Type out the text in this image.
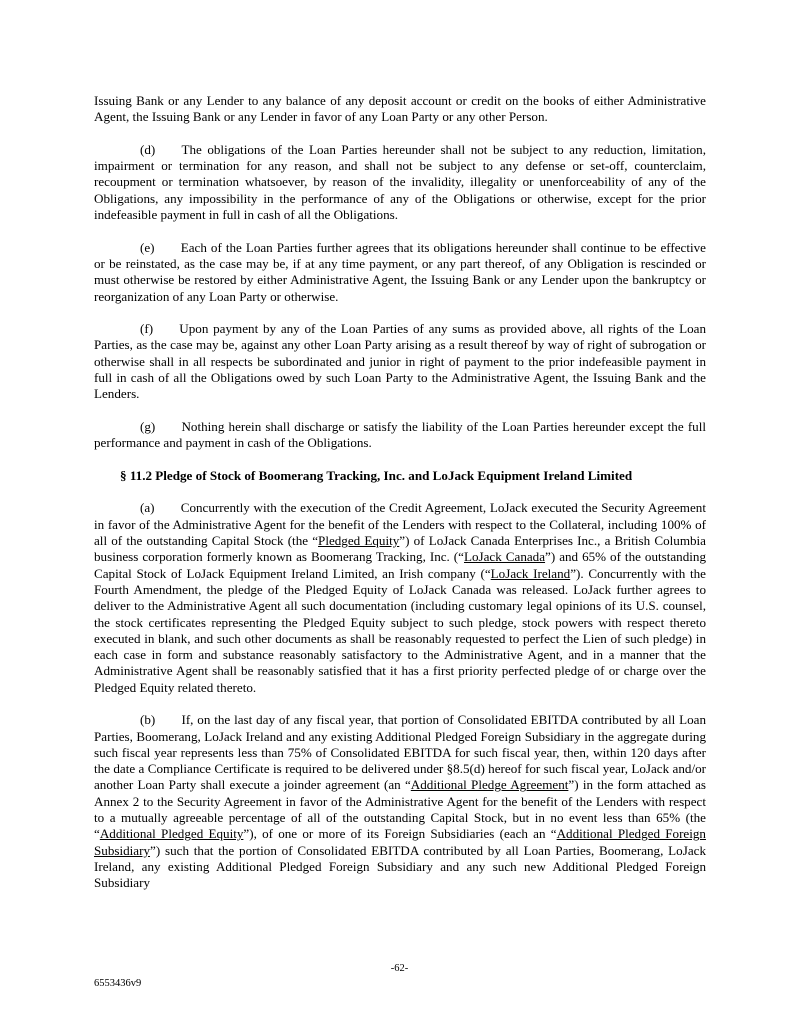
Issuing Bank or any Lender to any balance of any deposit account or credit on the books of either Administrative Agent, the Issuing Bank or any Lender in favor of any Loan Party or any other Person.

(d)  The obligations of the Loan Parties hereunder shall not be subject to any reduction, limitation, impairment or termination for any reason, and shall not be subject to any defense or set-off, counterclaim, recoupment or termination whatsoever, by reason of the invalidity, illegality or unenforceability of any of the Obligations, any impossibility in the performance of any of the Obligations or otherwise, except for the prior indefeasible payment in full in cash of all the Obligations.

(e)  Each of the Loan Parties further agrees that its obligations hereunder shall continue to be effective or be reinstated, as the case may be, if at any time payment, or any part thereof, of any Obligation is rescinded or must otherwise be restored by either Administrative Agent, the Issuing Bank or any Lender upon the bankruptcy or reorganization of any Loan Party or otherwise.

(f)  Upon payment by any of the Loan Parties of any sums as provided above, all rights of the Loan Parties, as the case may be, against any other Loan Party arising as a result thereof by way of right of subrogation or otherwise shall in all respects be subordinated and junior in right of payment to the prior indefeasible payment in full in cash of all the Obligations owed by such Loan Party to the Administrative Agent, the Issuing Bank and the Lenders.

(g)  Nothing herein shall discharge or satisfy the liability of the Loan Parties hereunder except the full performance and payment in cash of the Obligations.

§ 11.2 Pledge of Stock of Boomerang Tracking, Inc. and LoJack Equipment Ireland Limited

(a)  Concurrently with the execution of the Credit Agreement, LoJack executed the Security Agreement in favor of the Administrative Agent for the benefit of the Lenders with respect to the Collateral, including 100% of all of the outstanding Capital Stock (the “Pledged Equity”) of LoJack Canada Enterprises Inc., a British Columbia business corporation formerly known as Boomerang Tracking, Inc. (“LoJack Canada”) and 65% of the outstanding Capital Stock of LoJack Equipment Ireland Limited, an Irish company (“LoJack Ireland”). Concurrently with the Fourth Amendment, the pledge of the Pledged Equity of LoJack Canada was released. LoJack further agrees to deliver to the Administrative Agent all such documentation (including customary legal opinions of its U.S. counsel, the stock certificates representing the Pledged Equity subject to such pledge, stock powers with respect thereto executed in blank, and such other documents as shall be reasonably requested to perfect the Lien of such pledge) in each case in form and substance reasonably satisfactory to the Administrative Agent, and in a manner that the Administrative Agent shall be reasonably satisfied that it has a first priority perfected pledge of or charge over the Pledged Equity related thereto.

(b)  If, on the last day of any fiscal year, that portion of Consolidated EBITDA contributed by all Loan Parties, Boomerang, LoJack Ireland and any existing Additional Pledged Foreign Subsidiary in the aggregate during such fiscal year represents less than 75% of Consolidated EBITDA for such fiscal year, then, within 120 days after the date a Compliance Certificate is required to be delivered under §8.5(d) hereof for such fiscal year, LoJack and/or another Loan Party shall execute a joinder agreement (an “Additional Pledge Agreement”) in the form attached as Annex 2 to the Security Agreement in favor of the Administrative Agent for the benefit of the Lenders with respect to a mutually agreeable percentage of all of the outstanding Capital Stock, but in no event less than 65% (the “Additional Pledged Equity”), of one or more of its Foreign Subsidiaries (each an “Additional Pledged Foreign Subsidiary”) such that the portion of Consolidated EBITDA contributed by all Loan Parties, Boomerang, LoJack Ireland, any existing Additional Pledged Foreign Subsidiary and any such new Additional Pledged Foreign Subsidiary

-62-
6553436v9
